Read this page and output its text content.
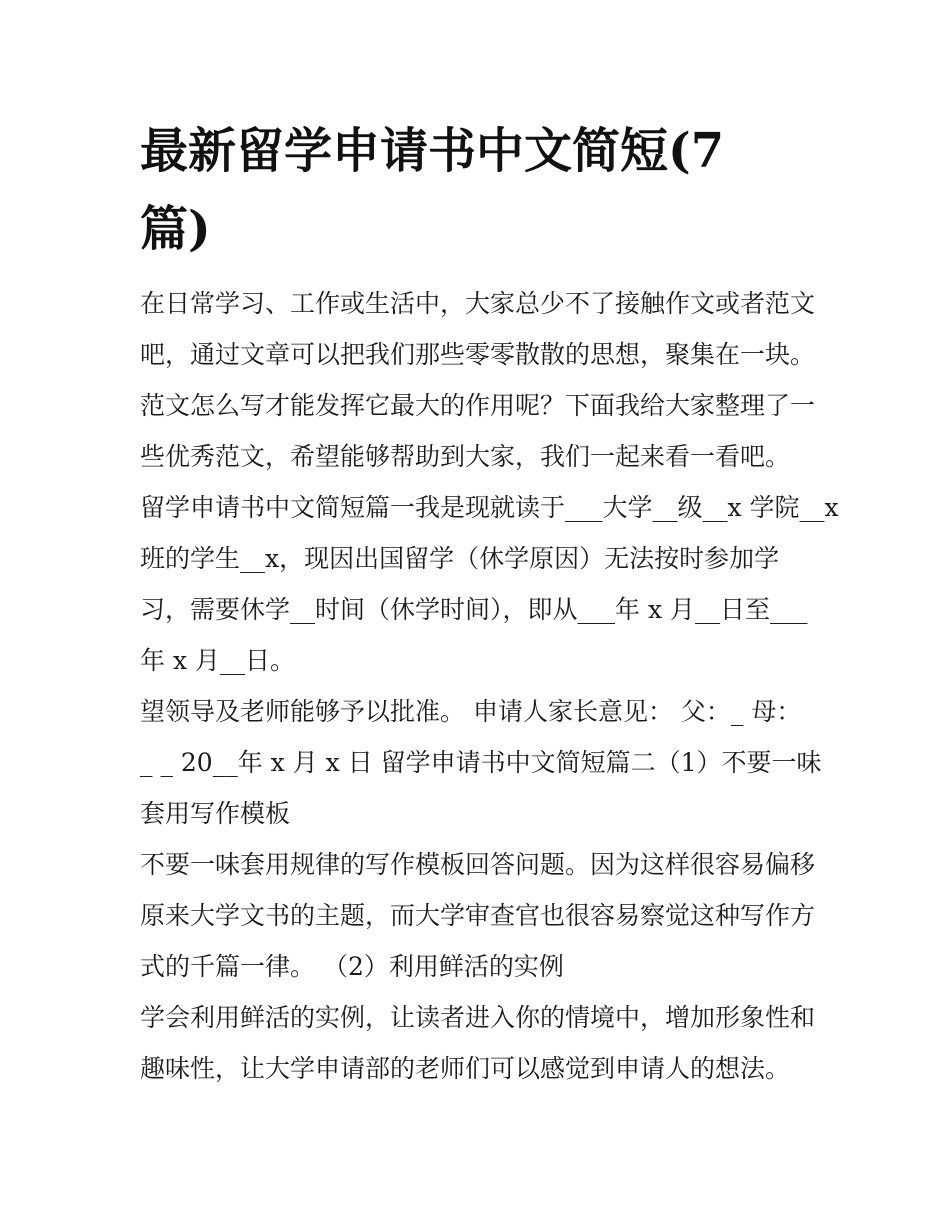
最新留学申请书中文简短(7
篇)
在日常学习、工作或生活中，大家总少不了接触作文或者范文
吧，通过文章可以把我们那些零零散散的思想，聚集在一块。
范文怎么写才能发挥它最大的作用呢？下面我给大家整理了一
些优秀范文，希望能够帮助到大家，我们一起来看一看吧。
留学申请书中文简短篇一我是现就读于___大学__级__x 学院__x
班的学生__x，现因出国留学（休学原因）无法按时参加学
习，需要休学__时间（休学时间），即从___年 x 月__日至___
年 x 月__日。
望领导及老师能够予以批准。 申请人家长意见： 父：_ 母：
_ _ 20__年 x 月 x 日 留学申请书中文简短篇二（1）不要一味
套用写作模板
不要一味套用规律的写作模板回答问题。因为这样很容易偏移
原来大学文书的主题，而大学审查官也很容易察觉这种写作方
式的千篇一律。 （2）利用鲜活的实例
学会利用鲜活的实例，让读者进入你的情境中，增加形象性和
趣味性，让大学申请部的老师们可以感觉到申请人的想法。
